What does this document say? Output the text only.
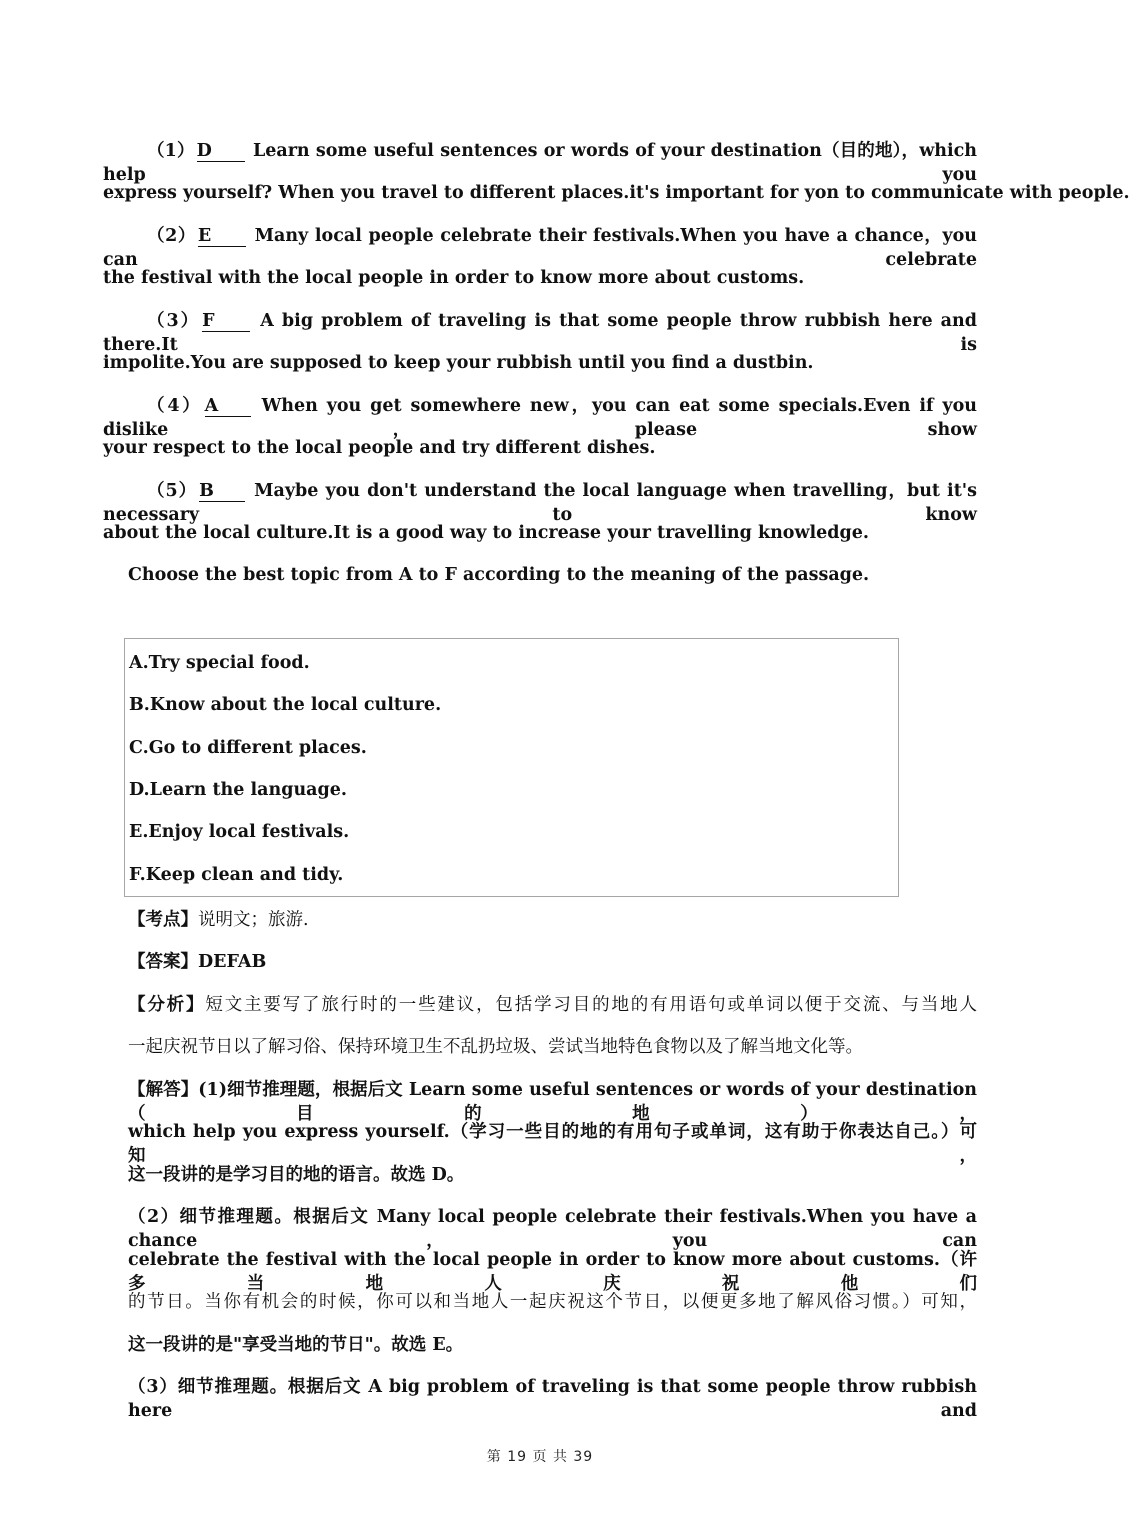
（1） D Learn some useful sentences or words of your destination（目的地），which help you
express yourself? When you travel to different places.it's important for yon to communicate with people.
（2） E Many local people celebrate their festivals.When you have a chance，you can celebrate
the festival with the local people in order to know more about customs.
（3） F	A big problem of traveling is that some people throw rubbish here and there.It is
impolite.You are supposed to keep your rubbish until you find a dustbin.
（4） A When you get somewhere new，you can eat some specials.Even if you dislike，please show
your respect to the local people and try different dishes.
（5） B Maybe you don't understand the local language when travelling，but it's necessary to know
about the local culture.It is a good way to increase your travelling knowledge.
Choose the best topic from A to F according to the meaning of the passage.
A.Try special food.
B.Know about the local culture.
C.Go to different places.
D.Learn the language.
E.Enjoy local festivals.
F.Keep clean and tidy.
【考点】说明文；旅游.
【答案】DEFAB
【分析】短文主要写了旅行时的一些建议，包括学习目的地的有用语句或单词以便于交流、与当地人
一起庆祝节日以了解习俗、保持环境卫生不乱扔垃圾、尝试当地特色食物以及了解当地文化等。
【解答】(1)细节推理题，根据后文 Learn some useful sentences or words of your destination（目的地），
which help you express yourself.（学习一些目的地的有用句子或单词，这有助于你表达自己。）可知，
这一段讲的是学习目的地的语言。故选 D。
（2）细节推理题。根据后文 Many local people celebrate their festivals.When you have a chance，you can
celebrate the festival with the local people in order to know more about customs.（许多当地人庆祝他们
的节日。当你有机会的时候，你可以和当地人一起庆祝这个节日，以便更多地了解风俗习惯。）可知，
这一段讲的是"享受当地的节日"。故选 E。
（3）细节推理题。根据后文 A big problem of traveling is that some people throw rubbish here and
第 19 页 共 39
